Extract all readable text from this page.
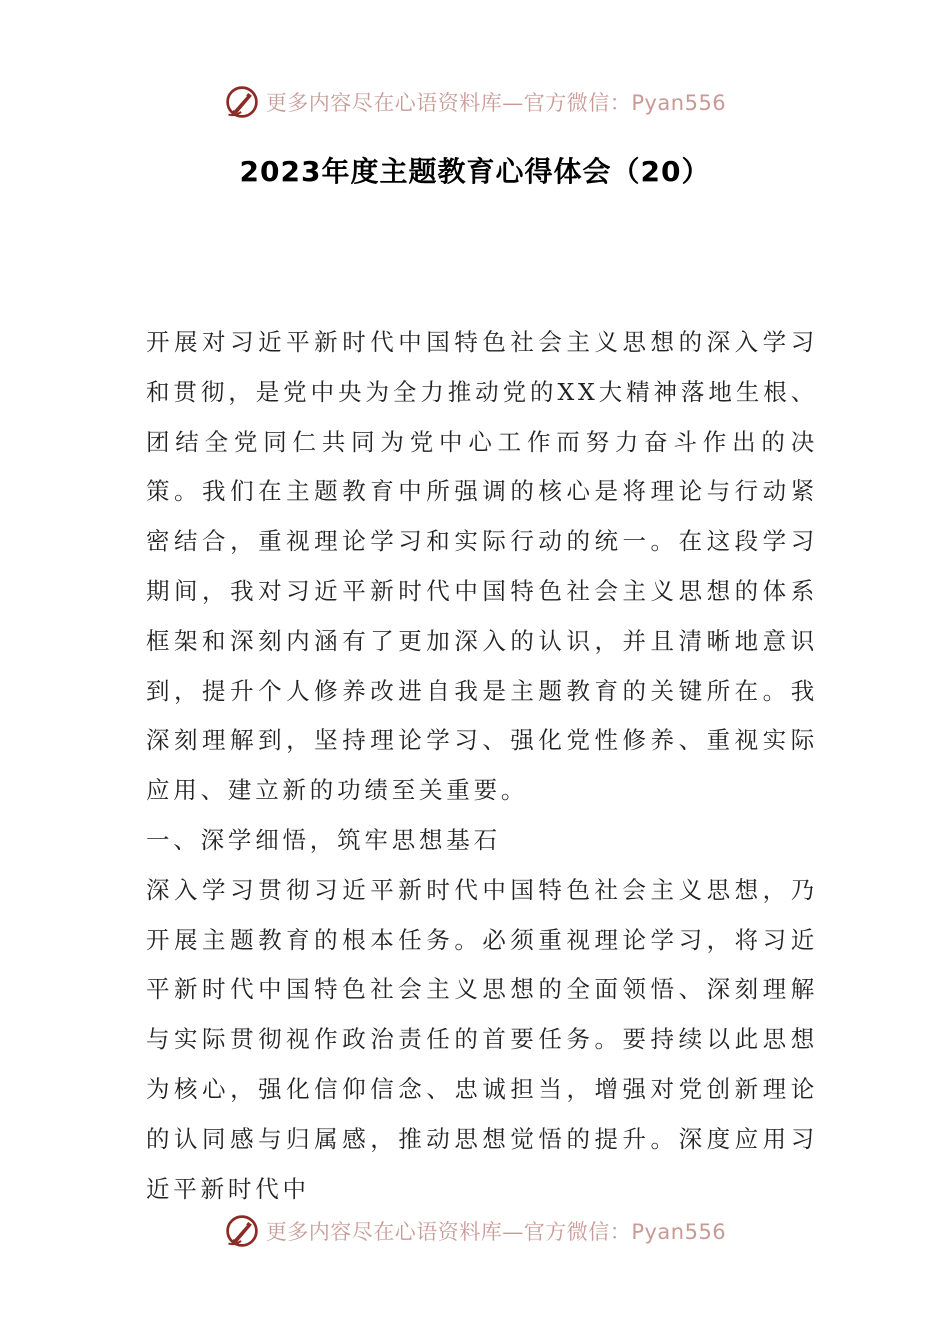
更多内容尽在心语资料库—官方微信：Pyan556
2023年度主题教育心得体会（20）

开展对习近平新时代中国特色社会主义思想的深入学习和贯彻，是党中央为全力推动党的XX大精神落地生根、团结全党同仁共同为党中心工作而努力奋斗作出的决策。我们在主题教育中所强调的核心是将理论与行动紧密结合，重视理论学习和实际行动的统一。在这段学习期间，我对习近平新时代中国特色社会主义思想的体系框架和深刻内涵有了更加深入的认识，并且清晰地意识到，提升个人修养改进自我是主题教育的关键所在。我深刻理解到，坚持理论学习、强化党性修养、重视实际应用、建立新的功绩至关重要。

一、深学细悟，筑牢思想基石

深入学习贯彻习近平新时代中国特色社会主义思想，乃开展主题教育的根本任务。必须重视理论学习，将习近平新时代中国特色社会主义思想的全面领悟、深刻理解与实际贯彻视作政治责任的首要任务。要持续以此思想为核心，强化信仰信念、忠诚担当，增强对党创新理论的认同感与归属感，推动思想觉悟的提升。深度应用习近平新时代中

更多内容尽在心语资料库—官方微信：Pyan556
